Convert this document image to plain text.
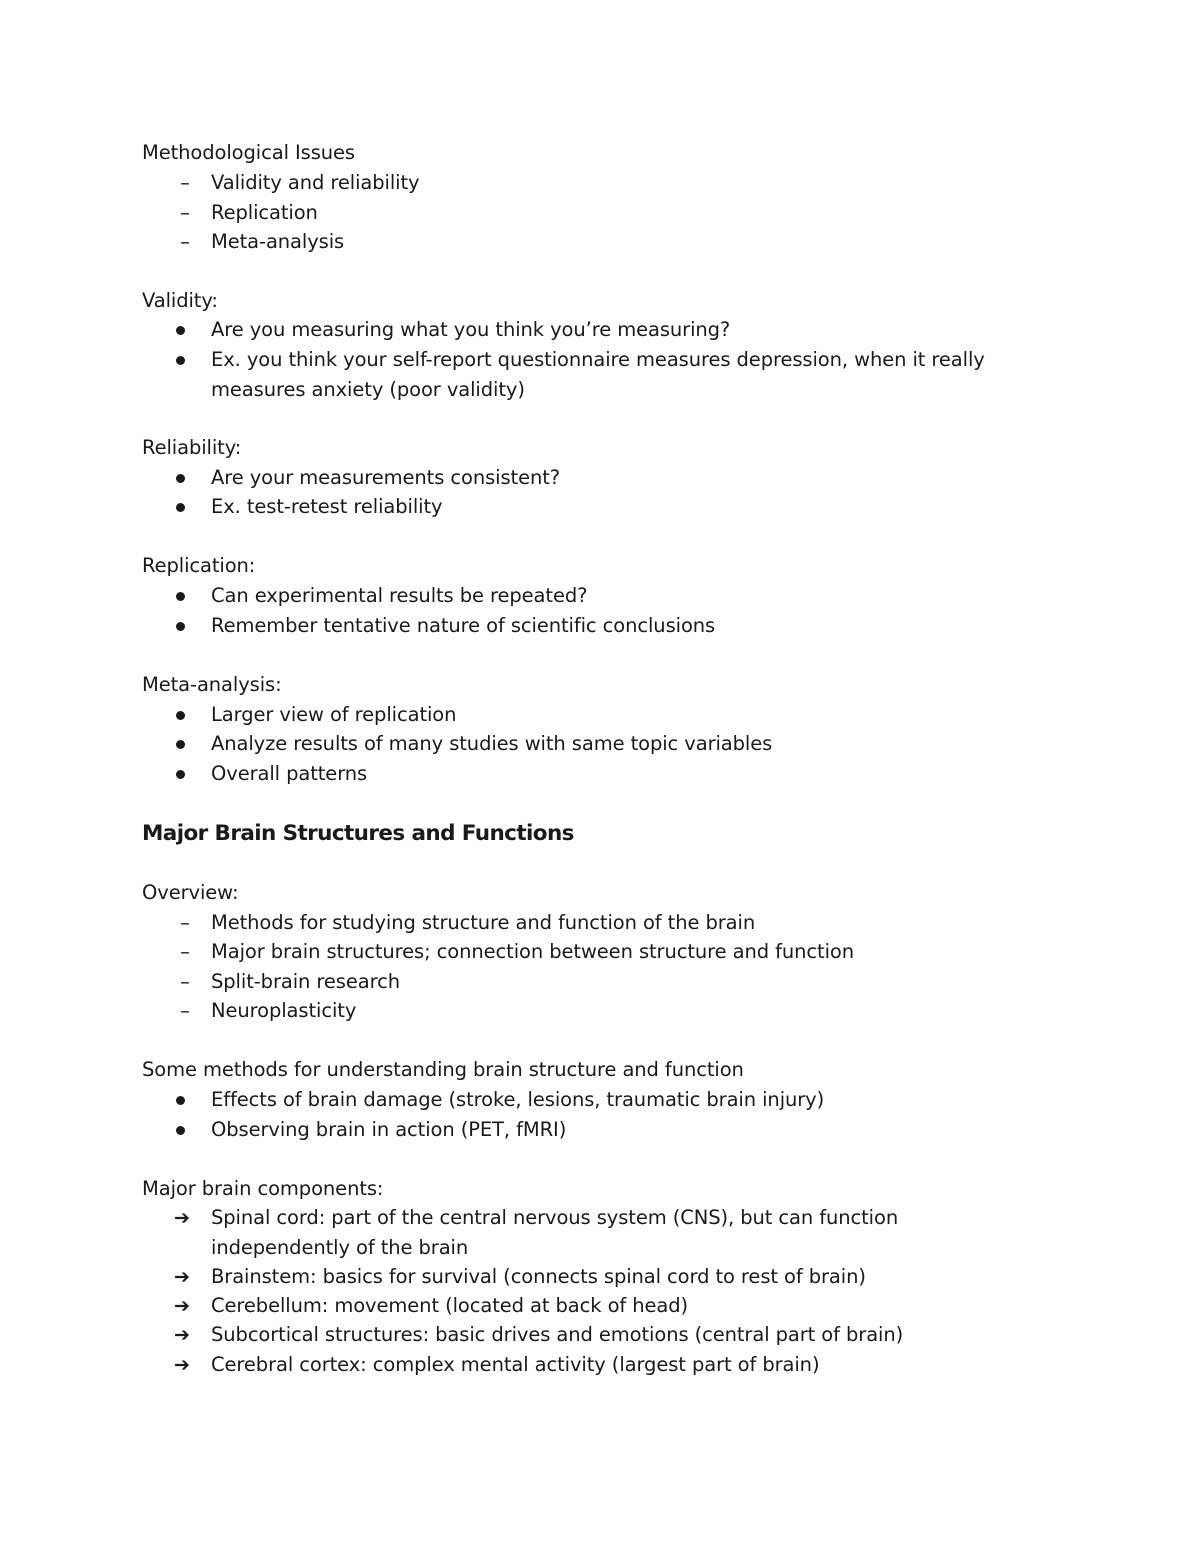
Methodological Issues
– Validity and reliability
– Replication
– Meta-analysis
Validity:
Are you measuring what you think you’re measuring?
Ex. you think your self-report questionnaire measures depression, when it really measures anxiety (poor validity)
Reliability:
Are your measurements consistent?
Ex. test-retest reliability
Replication:
Can experimental results be repeated?
Remember tentative nature of scientific conclusions
Meta-analysis:
Larger view of replication
Analyze results of many studies with same topic variables
Overall patterns
Major Brain Structures and Functions
Overview:
– Methods for studying structure and function of the brain
– Major brain structures; connection between structure and function
– Split-brain research
– Neuroplasticity
Some methods for understanding brain structure and function
Effects of brain damage (stroke, lesions, traumatic brain injury)
Observing brain in action (PET, fMRI)
Major brain components:
➔ Spinal cord: part of the central nervous system (CNS), but can function independently of the brain
➔ Brainstem: basics for survival (connects spinal cord to rest of brain)
➔ Cerebellum: movement (located at back of head)
➔ Subcortical structures: basic drives and emotions (central part of brain)
➔ Cerebral cortex: complex mental activity (largest part of brain)
